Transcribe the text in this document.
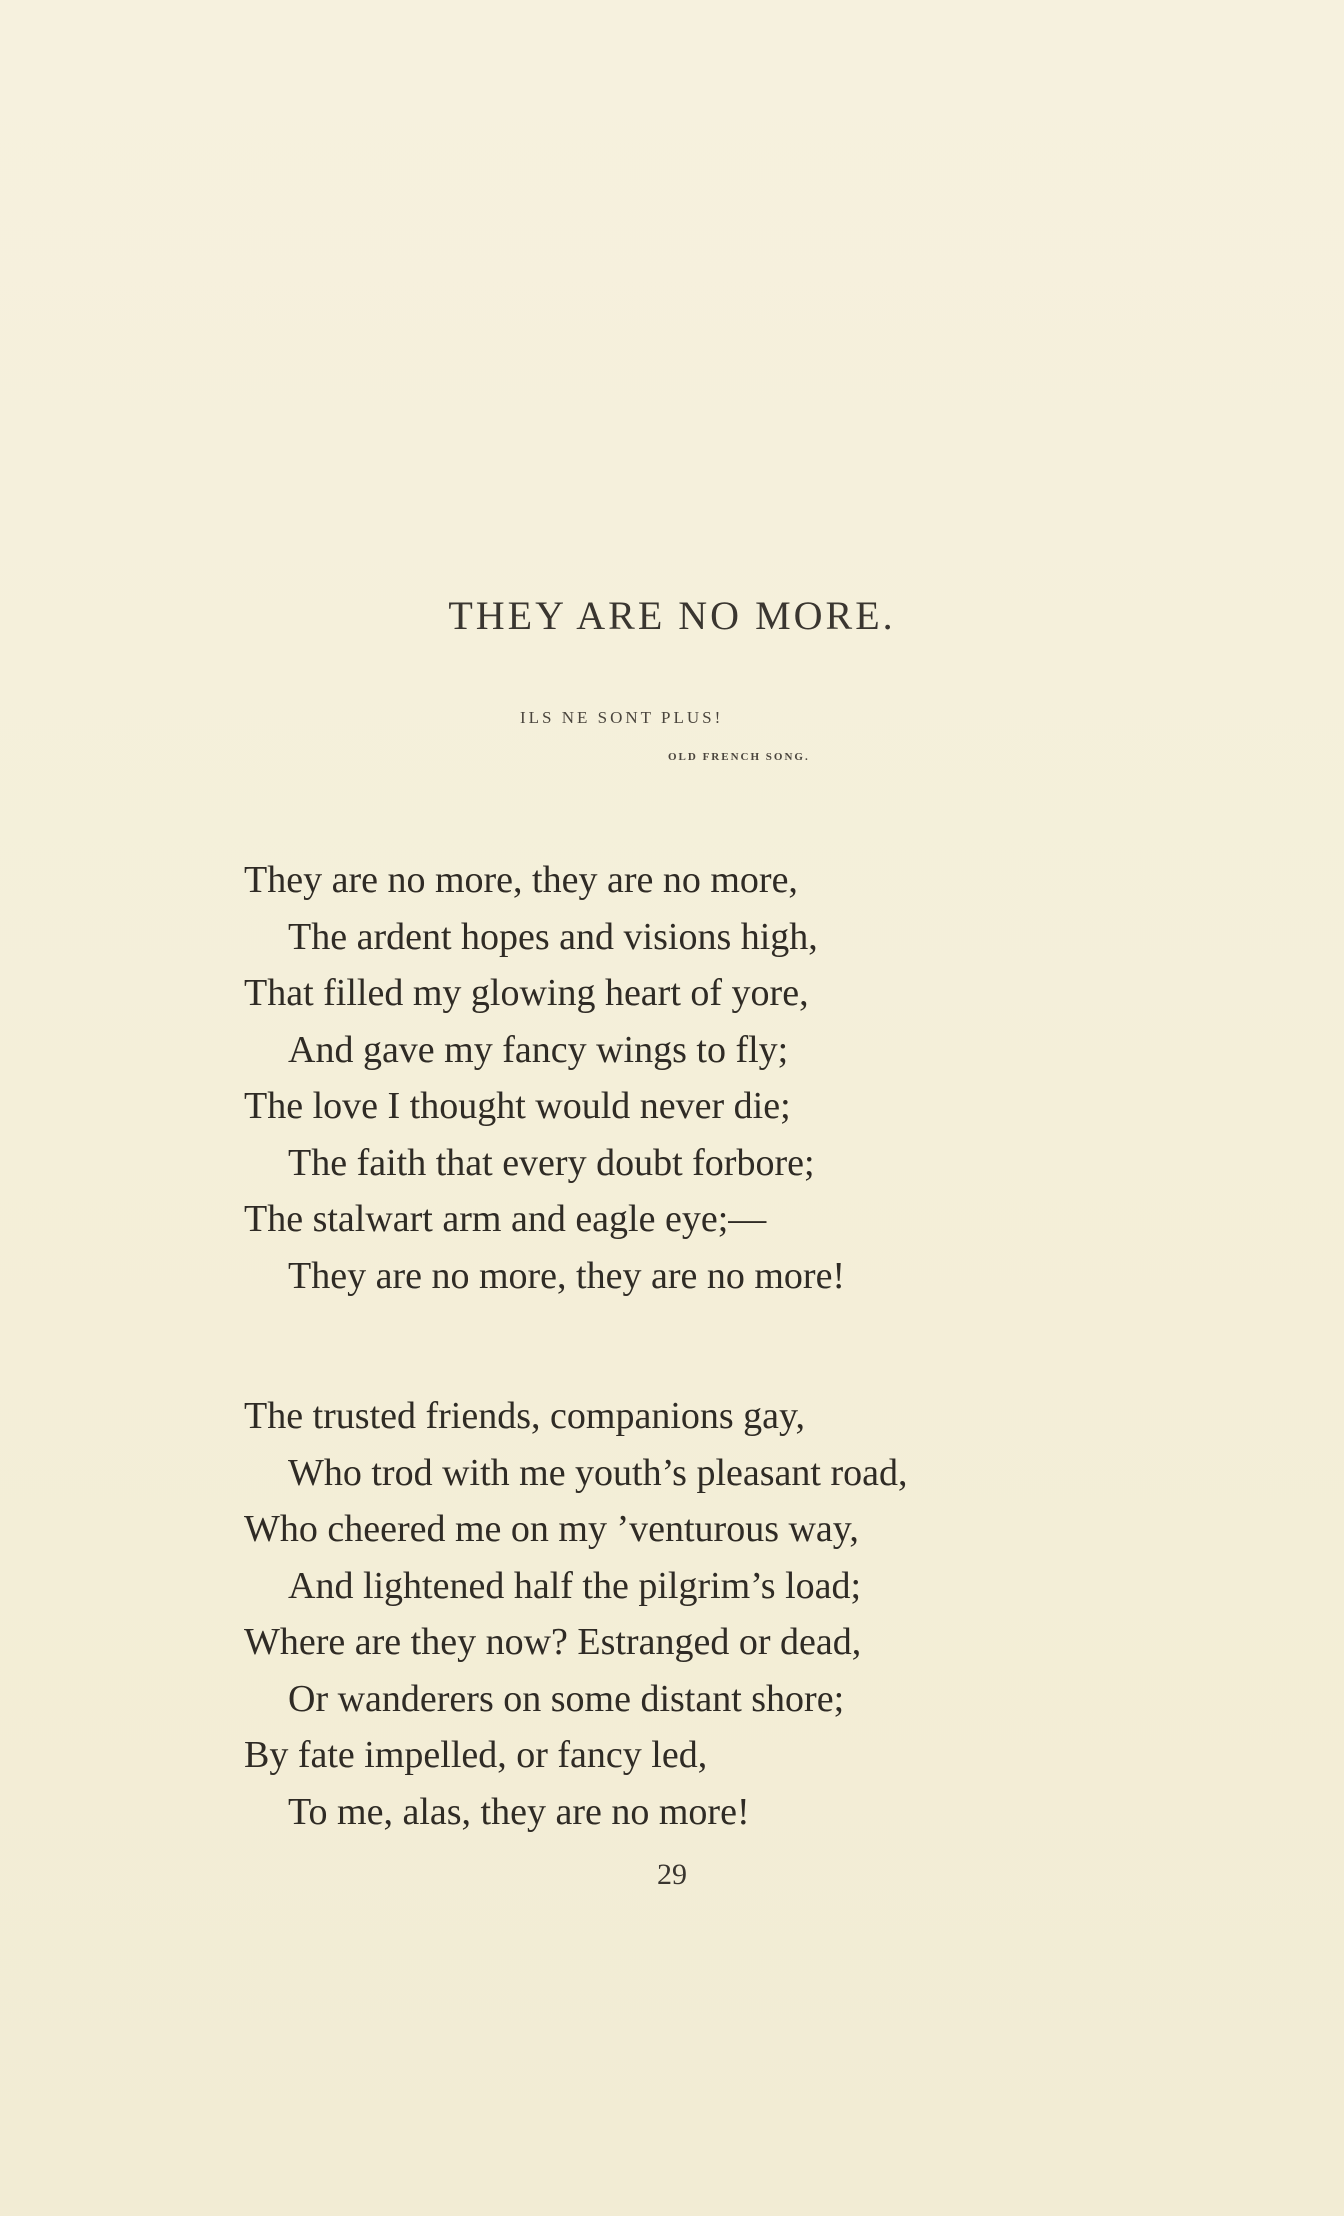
THEY ARE NO MORE.
ILS NE SONT PLUS!
OLD FRENCH SONG.
They are no more, they are no more,
The ardent hopes and visions high,
That filled my glowing heart of yore,
And gave my fancy wings to fly;
The love I thought would never die;
The faith that every doubt forbore;
The stalwart arm and eagle eye;—
They are no more, they are no more!
The trusted friends, companions gay,
Who trod with me youth’s pleasant road,
Who cheered me on my ’venturous way,
And lightened half the pilgrim’s load;
Where are they now? Estranged or dead,
Or wanderers on some distant shore;
By fate impelled, or fancy led,
To me, alas, they are no more!
29
